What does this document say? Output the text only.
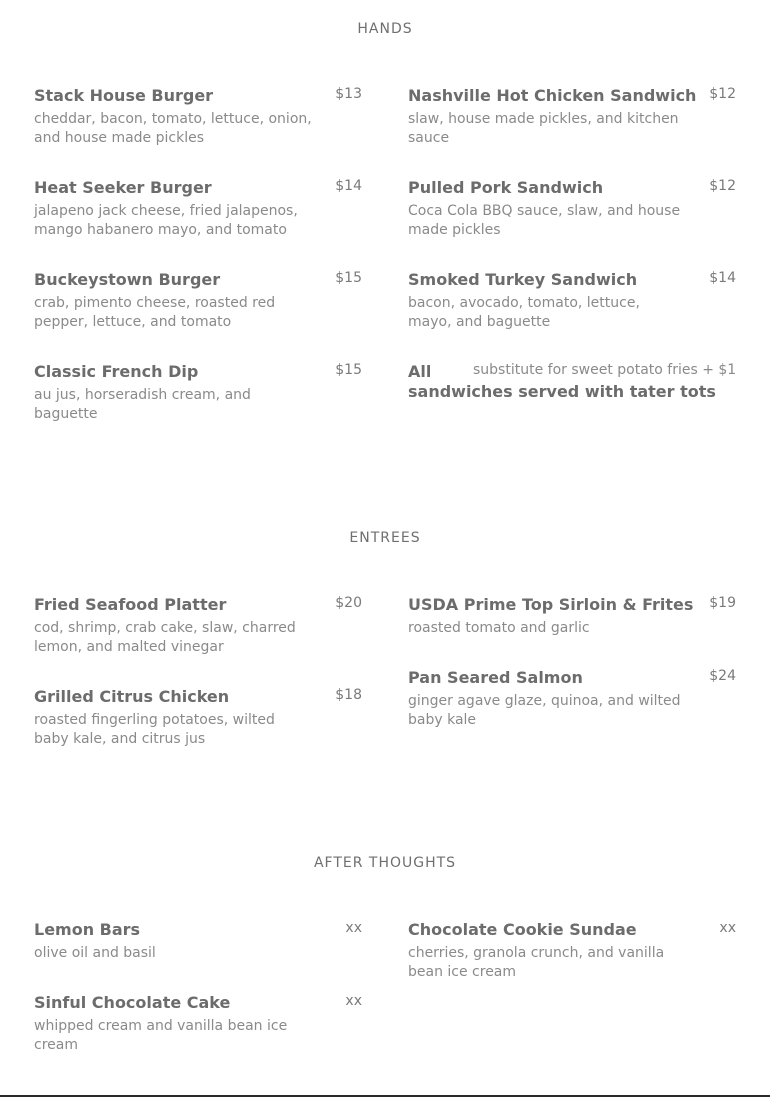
HANDS
Stack House Burger	$13
cheddar, bacon, tomato, lettuce, onion, and house made pickles
Heat Seeker Burger	$14
jalapeno jack cheese, fried jalapenos, mango habanero mayo, and tomato
Buckeystown Burger	$15
crab, pimento cheese, roasted red pepper, lettuce, and tomato
Classic French Dip	$15
au jus, horseradish cream, and baguette
Nashville Hot Chicken Sandwich $12
slaw, house made pickles, and kitchen sauce
Pulled Pork Sandwich	$12
Coca Cola BBQ sauce, slaw, and house made pickles
Smoked Turkey Sandwich	$14
bacon, avocado, tomato, lettuce, mayo, and baguette
All	substitute for sweet potato fries + $1
sandwiches served with tater tots
ENTREES
Fried Seafood Platter	$20
cod, shrimp, crab cake, slaw, charred lemon, and malted vinegar
Grilled Citrus Chicken	$18
roasted fingerling potatoes, wilted baby kale, and citrus jus
USDA Prime Top Sirloin & Frites $19
roasted tomato and garlic
Pan Seared Salmon	$24
ginger agave glaze, quinoa, and wilted baby kale
AFTER THOUGHTS
Lemon Bars	xx
olive oil and basil
Sinful Chocolate Cake	xx
whipped cream and vanilla bean ice cream
Chocolate Cookie Sundae	xx
cherries, granola crunch, and vanilla bean ice cream
